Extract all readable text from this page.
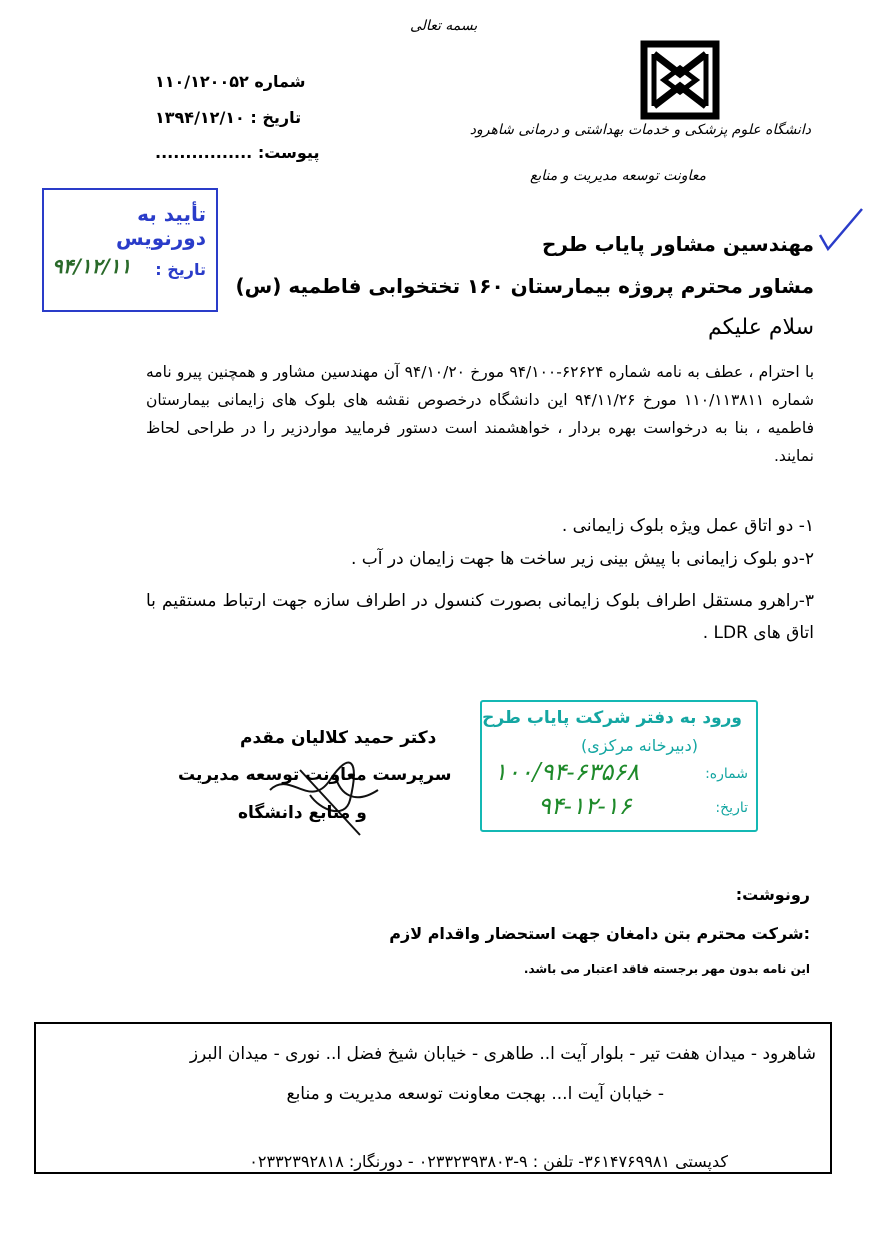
بسمه تعالی
دانشگاه علوم پزشکی و خدمات بهداشتی و درمانی شاهرود
معاونت توسعه مدیریت و منابع
شماره ۱۱۰/۱۲۰۰۵۲
تاریخ : ۱۳۹۴/۱۲/۱۰
پیوست: ................
تأیید به دورنویس
تاریخ :
۹۴/۱۲/۱۱
مهندسین مشاور پایاب طرح
مشاور محترم پروژه بیمارستان ۱۶۰ تختخوابی فاطمیه (س)
سلام علیکم
با احترام ، عطف به نامه شماره ۶۲۶۲۴-۹۴/۱۰۰ مورخ ۹۴/۱۰/۲۰ آن مهندسین مشاور و همچنین پیرو نامه شماره ۱۱۰/۱۱۳۸۱۱ مورخ ۹۴/۱۱/۲۶ این دانشگاه درخصوص نقشه های بلوک های زایمانی بیمارستان فاطمیه ، بنا به درخواست بهره بردار ، خواهشمند است دستور فرمایید مواردزیر را در طراحی لحاظ نمایند.
۱- دو اتاق عمل ویژه بلوک زایمانی .
۲-دو بلوک زایمانی با پیش بینی زیر ساخت ها جهت زایمان در آب .
۳-راهرو مستقل اطراف بلوک زایمانی بصورت کنسول در اطراف سازه جهت ارتباط مستقیم با اتاق های LDR .
ورود به دفتر شرکت پایاب طرح
(دبیرخانه مرکزی)
شماره:
۱۰۰/۹۴-۶۳۵۶۸
تاریخ:
۹۴-۱۲-۱۶
دکتر حمید کلالیان مقدم
سرپرست معاونت توسعه مدیریت
و منابع دانشگاه
رونوشت:
:شرکت محترم بتن دامغان جهت استحضار واقدام لازم
این نامه بدون مهر برجسته فاقد اعتبار می باشد.
شاهرود - میدان هفت تیر - بلوار آیت ا.. طاهری - خیابان شیخ فضل ا.. نوری - میدان البرز
- خیابان آیت ا... بهجت معاونت توسعه مدیریت و منابع
کدپستی ۳۶۱۴۷۶۹۹۸۱- تلفن : ۹-۰۲۳۳۲۳۹۳۸۰۳ - دورنگار: ۰۲۳۳۲۳۹۲۸۱۸
